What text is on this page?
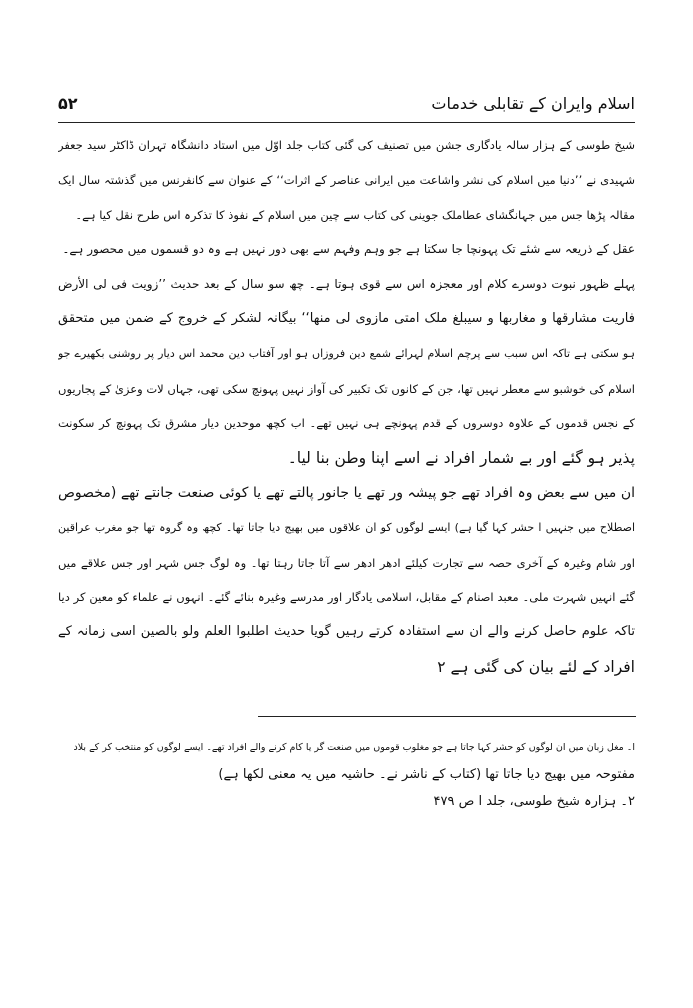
۵۲	اسلام وایران کے تقابلی خدمات
شیخ طوسی کے ہزار سالہ یادگاری جشن میں تصنیف کی گئی کتاب جلد اوّل میں استاد دانشگاہ تہران ڈاکٹر سید جعفر
شہیدی نے ’’دنیا میں اسلام کی نشر واشاعت میں ایرانی عناصر کے اثرات‘‘ کے عنوان سے کانفرنس میں گذشتہ سال ایک
مقالہ پڑھا جس میں جہانگشای عطاملک جوینی کی کتاب سے چین میں اسلام کے نفوذ کا تذکرہ اس طرح نقل کیا ہے۔
عقل کے ذریعہ سے شئے تک پہونچا جا سکتا ہے جو وہم وفہم سے بھی دور نہیں ہے وہ دو قسموں میں محصور ہے۔
پہلے ظہور نبوت دوسرے کلام اور معجزہ اس سے قوی ہوتا ہے۔ چھ سو سال کے بعد حدیث ’’زویت فی لی الأرض
فاریت مشارقھا و مغاربھا و سیبلغ ملک امتی مازوی لی منھا‘‘ بیگانہ لشکر کے خروج کے ضمن میں متحقق
ہو سکتی ہے تاکہ اس سبب سے پرچم اسلام لہرائے شمع دین فروزاں ہو اور آفتاب دین محمد اس دیار پر روشنی بکھیرے جو
اسلام کی خوشبو سے معطر نہیں تھا، جن کے کانوں تک تکبیر کی آواز نہیں پہونچ سکی تھی، جہاں لات وعزیٰ کے پجاریوں
کے نجس قدموں کے علاوہ دوسروں کے قدم پہونچے ہی نہیں تھے۔ اب کچھ موحدین دیار مشرق تک پہونچ کر سکونت
پذیر ہو گئے اور بے شمار افراد نے اسے اپنا وطن بنا لیا۔
ان میں سے بعض وہ افراد تھے جو پیشہ ور تھے یا جانور پالتے تھے یا کوئی صنعت جانتے تھے (مخصوص
اصطلاح میں جنہیں ا حشر کہا گیا ہے) ایسے لوگوں کو ان علاقوں میں بھیج دیا جاتا تھا۔ کچھ وہ گروہ تھا جو مغرب عراقین
اور شام وغیرہ کے آخری حصہ سے تجارت کیلئے ادھر ادھر سے آتا جاتا رہتا تھا۔ وہ لوگ جس شہر اور جس علاقے میں
گئے انہیں شہرت ملی۔ معبد اصنام کے مقابل، اسلامی یادگار اور مدرسے وغیرہ بنائے گئے۔ انہوں نے علماء کو معین کر دیا
تاکہ علوم حاصل کرنے والے ان سے استفادہ کرتے رہیں گویا حدیث اطلبوا العلم ولو بالصین اسی زمانہ کے
افراد کے لئے بیان کی گئی ہے ۲
ا۔ مغل زبان میں ان لوگوں کو حشر کہا جاتا ہے جو مغلوب قوموں میں صنعت گر یا کام کرنے والے افراد تھے۔ ایسے لوگوں کو منتخب کر کے بلاد
مفتوحہ میں بھیج دیا جاتا تھا (کتاب کے ناشر نے۔ حاشیہ میں یہ معنی لکھا ہے)
۲۔ ہزارہ شیخ طوسی، جلد ا ص ۴۷۹
